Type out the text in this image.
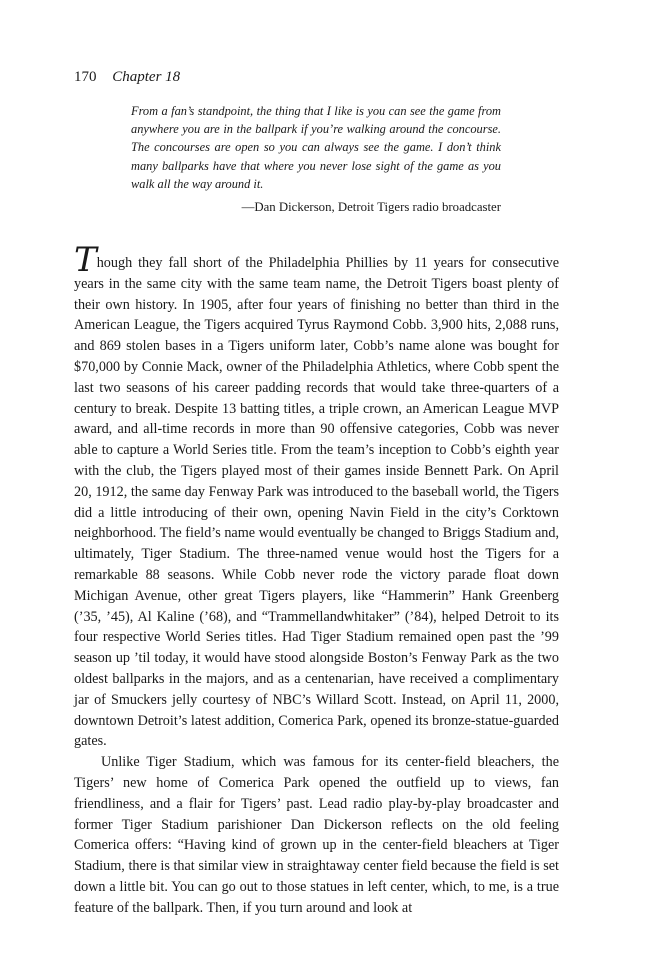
170 Chapter 18

From a fan’s standpoint, the thing that I like is you can see the game from anywhere you are in the ballpark if you’re walking around the concourse. The concourses are open so you can always see the game. I don’t think many ballparks have that where you never lose sight of the game as you walk all the way around it.

—Dan Dickerson, Detroit Tigers radio broadcaster

Though they fall short of the Philadelphia Phillies by 11 years for consecutive years in the same city with the same team name, the Detroit Tigers boast plenty of their own history. In 1905, after four years of finishing no better than third in the American League, the Tigers acquired Tyrus Raymond Cobb. 3,900 hits, 2,088 runs, and 869 stolen bases in a Tigers uniform later, Cobb’s name alone was bought for $70,000 by Connie Mack, owner of the Philadelphia Athletics, where Cobb spent the last two seasons of his career padding records that would take three-quarters of a century to break. Despite 13 batting titles, a triple crown, an American League MVP award, and all-time records in more than 90 offensive categories, Cobb was never able to capture a World Series title. From the team’s inception to Cobb’s eighth year with the club, the Tigers played most of their games inside Bennett Park. On April 20, 1912, the same day Fenway Park was introduced to the baseball world, the Tigers did a little introducing of their own, opening Navin Field in the city’s Corktown neighborhood. The field’s name would eventually be changed to Briggs Stadium and, ultimately, Tiger Stadium. The three-named venue would host the Tigers for a remarkable 88 seasons. While Cobb never rode the victory parade float down Michigan Avenue, other great Tigers players, like “Hammerin” Hank Greenberg (’35, ’45), Al Kaline (’68), and “Trammellandwhitaker” (’84), helped Detroit to its four respective World Series titles. Had Tiger Stadium remained open past the ’99 season up ’til today, it would have stood alongside Boston’s Fenway Park as the two oldest ballparks in the majors, and as a centenarian, have received a complimentary jar of Smuckers jelly courtesy of NBC’s Willard Scott. Instead, on April 11, 2000, downtown Detroit’s latest addition, Comerica Park, opened its bronze-statue-guarded gates.

Unlike Tiger Stadium, which was famous for its center-field bleachers, the Tigers’ new home of Comerica Park opened the outfield up to views, fan friendliness, and a flair for Tigers’ past. Lead radio play-by-play broadcaster and former Tiger Stadium parishioner Dan Dickerson reflects on the old feeling Comerica offers: “Having kind of grown up in the center-field bleachers at Tiger Stadium, there is that similar view in straightaway center field because the field is set down a little bit. You can go out to those statues in left center, which, to me, is a true feature of the ballpark. Then, if you turn around and look at
